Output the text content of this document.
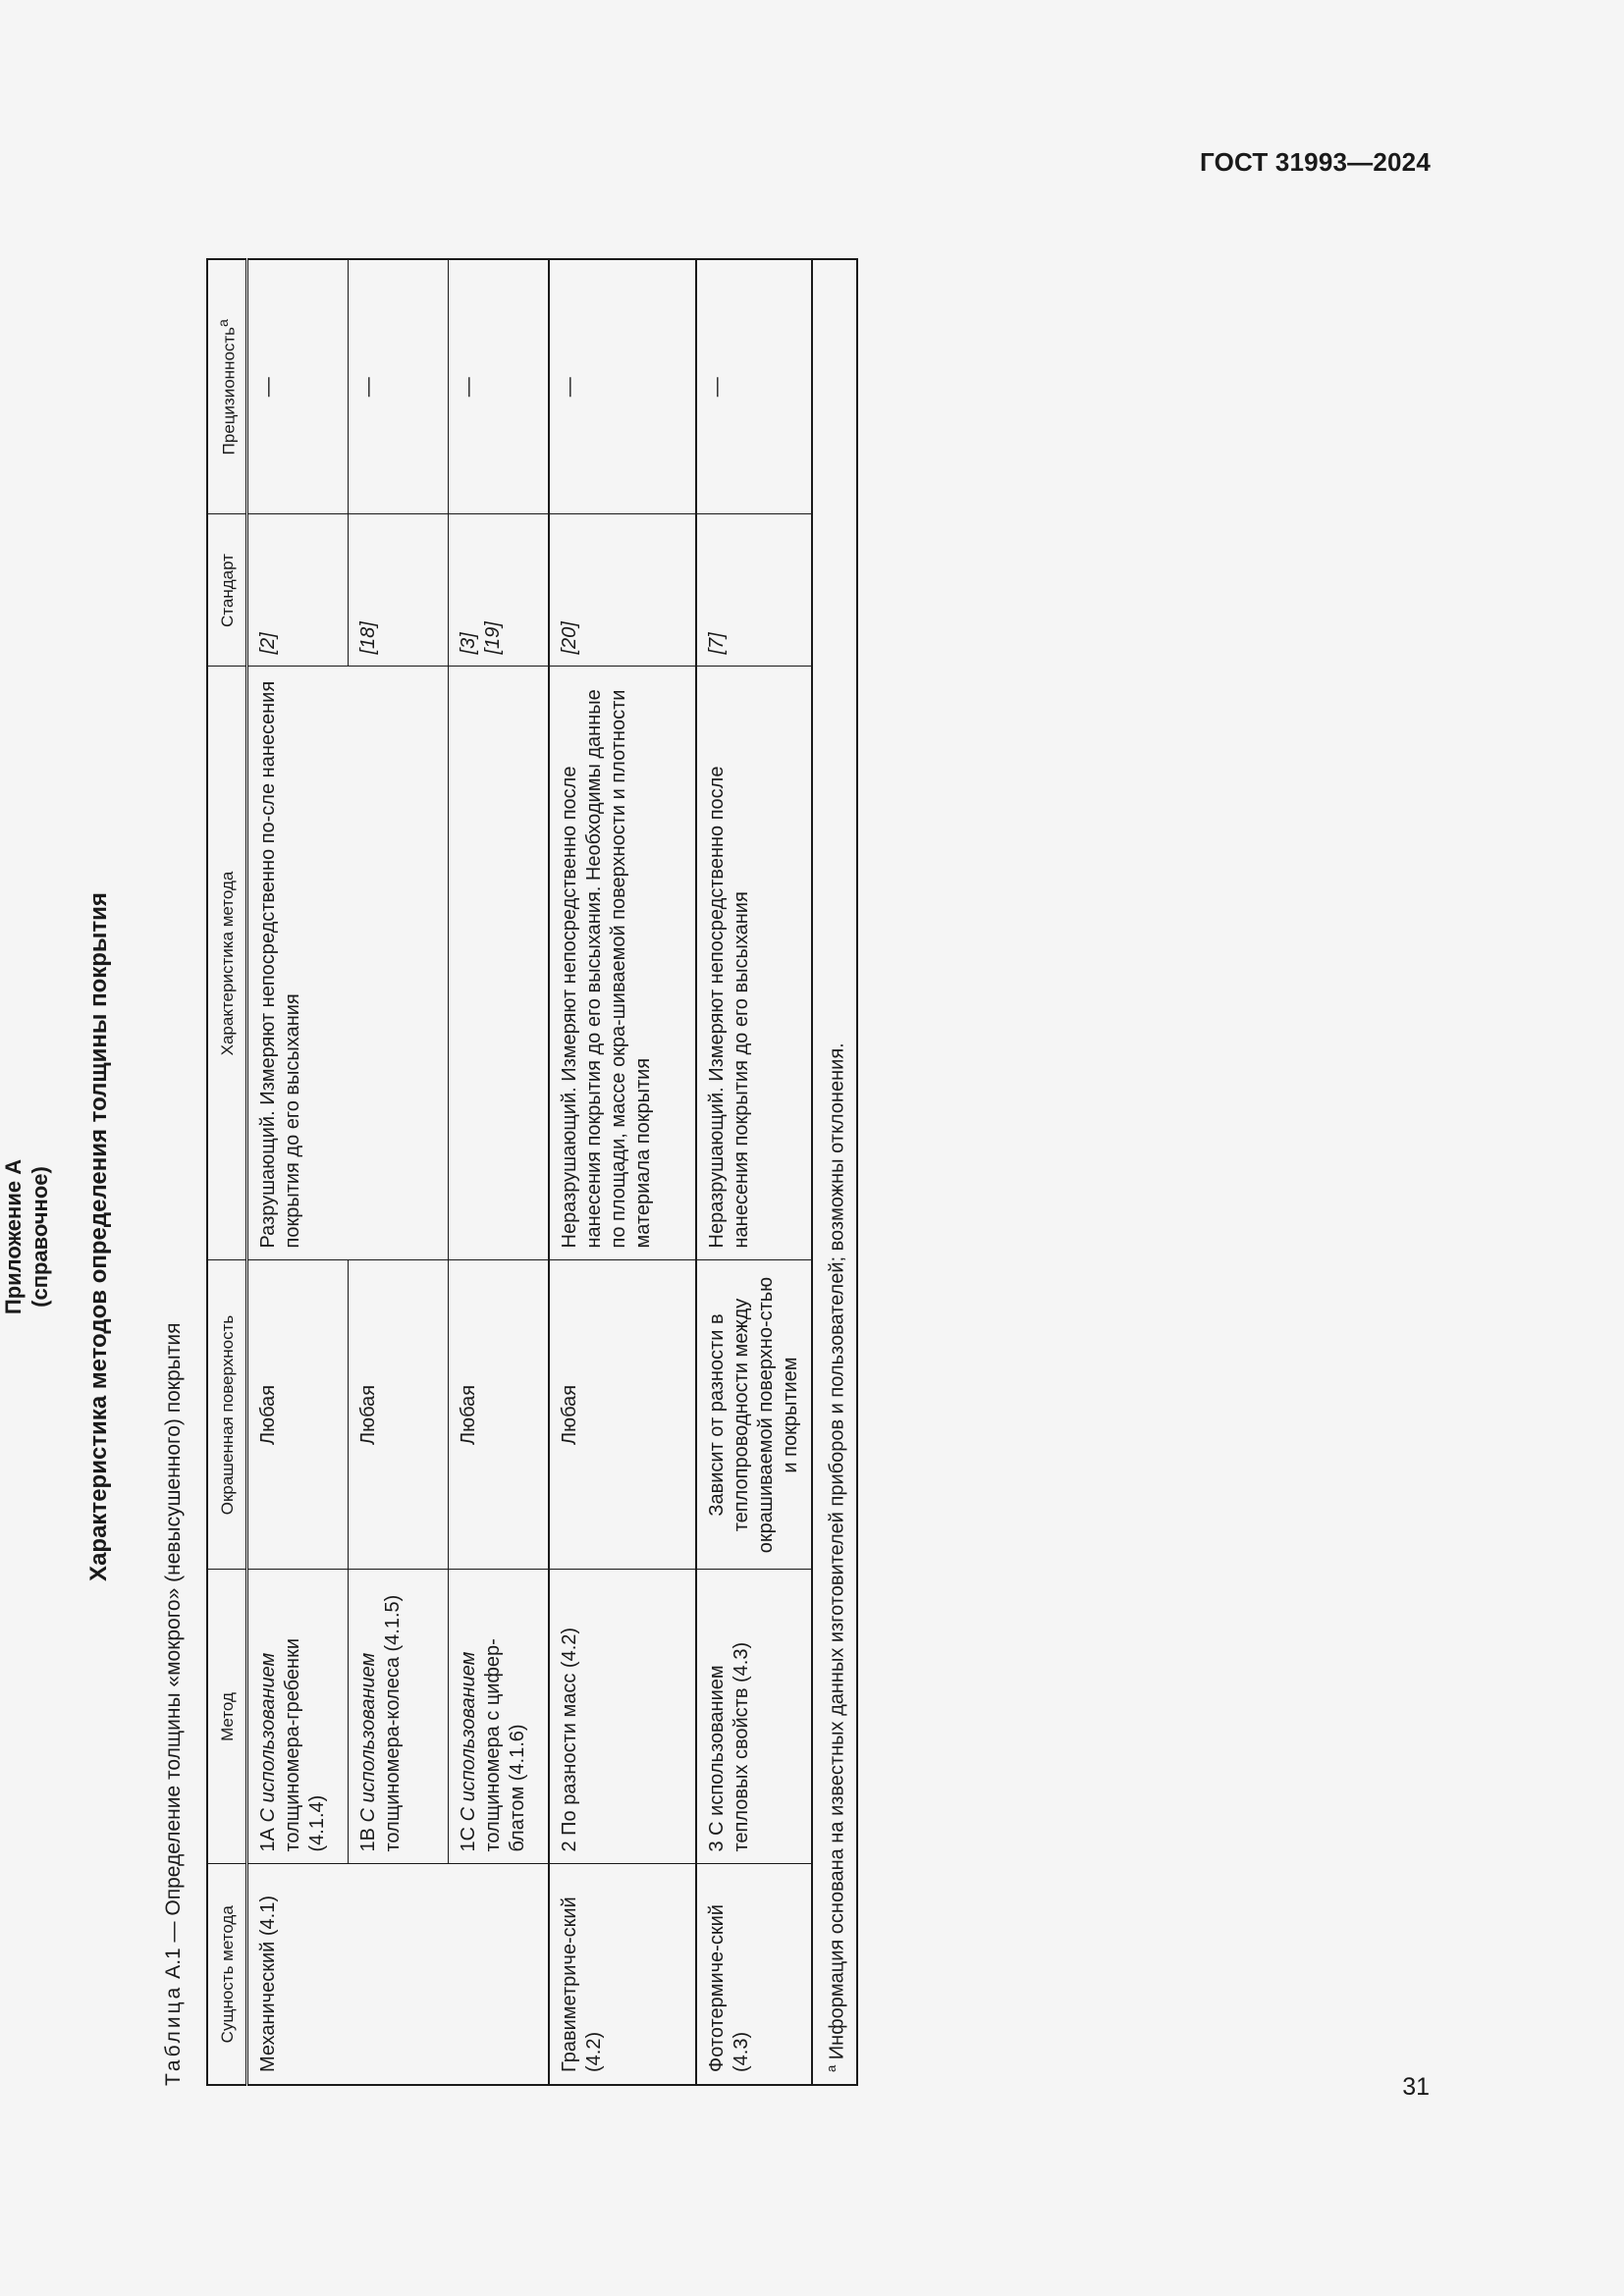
ГОСТ 31993—2024
Приложение А (справочное) Характеристика методов определения толщины покрытия
Таблица А.1 — Определение толщины «мокрого» (невысушенного) покрытия
Сущность метода	Метод	Окрашенная поверхность	Характеристика метода	Стандарт	Прецизионность$^a$
Механический (4.1)	1А С использованием толщиномера-гребенки (4.1.4)	Любая	Разрушающий. Измеряют непосредственно по-сле нанесения покрытия до его высыхания	[2]	—

	1В С использованием толщиномера-колеса (4.1.5)	Любая		[18]	—

	1С С использованием толщиномера с цифер-блатом (4.1.6)	Любая		[3] [19]	—

Гравиметриче-ский (4.2)	2 По разности масс (4.2)	Любая	Неразрушающий. Измеряют непосредственно после нанесения покрытия до его высыхания. Необходимы данные по площади, массе окра-шиваемой поверхности и плотности материала покрытия	[20]	—

Фототермиче-ский (4.3)	3 С использованием тепловых свойств (4.3)	Зависит от разности в теплопроводности между окрашиваемой поверхно-стью и покрытием	Неразрушающий. Измеряют непосредственно после нанесения покрытия до его высыхания	[7]	—

$^a$ Информация основана на известных данных изготовителей приборов и пользователей; возможны отклонения.					
31
